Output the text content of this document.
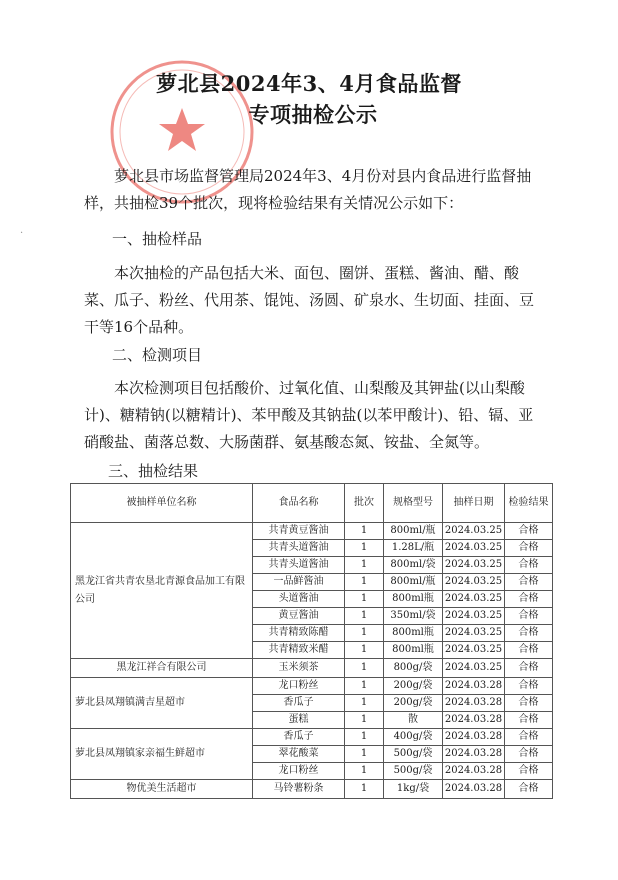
萝北县2024年3、4月食品监督
专项抽检公示

萝北县市场监督管理局2024年3、4月份对县内食品进行监督抽样，共抽检39个批次，现将检验结果有关情况公示如下：

一、抽检样品

本次抽检的产品包括大米、面包、圈饼、蛋糕、酱油、醋、酸菜、瓜子、粉丝、代用茶、馄饨、汤圆、矿泉水、生切面、挂面、豆干等16个品种。

二、检测项目

本次检测项目包括酸价、过氧化值、山梨酸及其钾盐(以山梨酸计)、糖精钠(以糖精计)、苯甲酸及其钠盐(以苯甲酸计)、铅、镉、亚硝酸盐、菌落总数、大肠菌群、氨基酸态氮、铵盐、全氮等。

三、抽检结果
被抽样单位名称	食品名称	批次	规格型号	抽样日期	检验结果
黑龙江省共青农垦北青源食品加工有限公司	共青黄豆酱油	1	800ml/瓶	2024.03.25	合格
	共青头道酱油	1	1.28L/瓶	2024.03.25	合格
	共青头道酱油	1	800ml/袋	2024.03.25	合格
	一品鲜酱油	1	800ml/瓶	2024.03.25	合格
	头道酱油	1	800ml瓶	2024.03.25	合格
	黄豆酱油	1	350ml/袋	2024.03.25	合格
	共青精致陈醋	1	800ml瓶	2024.03.25	合格
	共青精致米醋	1	800ml瓶	2024.03.25	合格
黑龙江祥合有限公司	玉米须茶	1	800g/袋	2024.03.25	合格
萝北县凤翔镇满吉星超市	龙口粉丝	1	200g/袋	2024.03.28	合格
	香瓜子	1	200g/袋	2024.03.28	合格
	蛋糕	1	散	2024.03.28	合格
萝北县凤翔镇家亲福生鲜超市	香瓜子	1	400g/袋	2024.03.28	合格
	翠花酸菜	1	500g/袋	2024.03.28	合格
	龙口粉丝	1	500g/袋	2024.03.28	合格
物优美生活超市	马铃薯粉条	1	1kg/袋	2024.03.28	合格
·
